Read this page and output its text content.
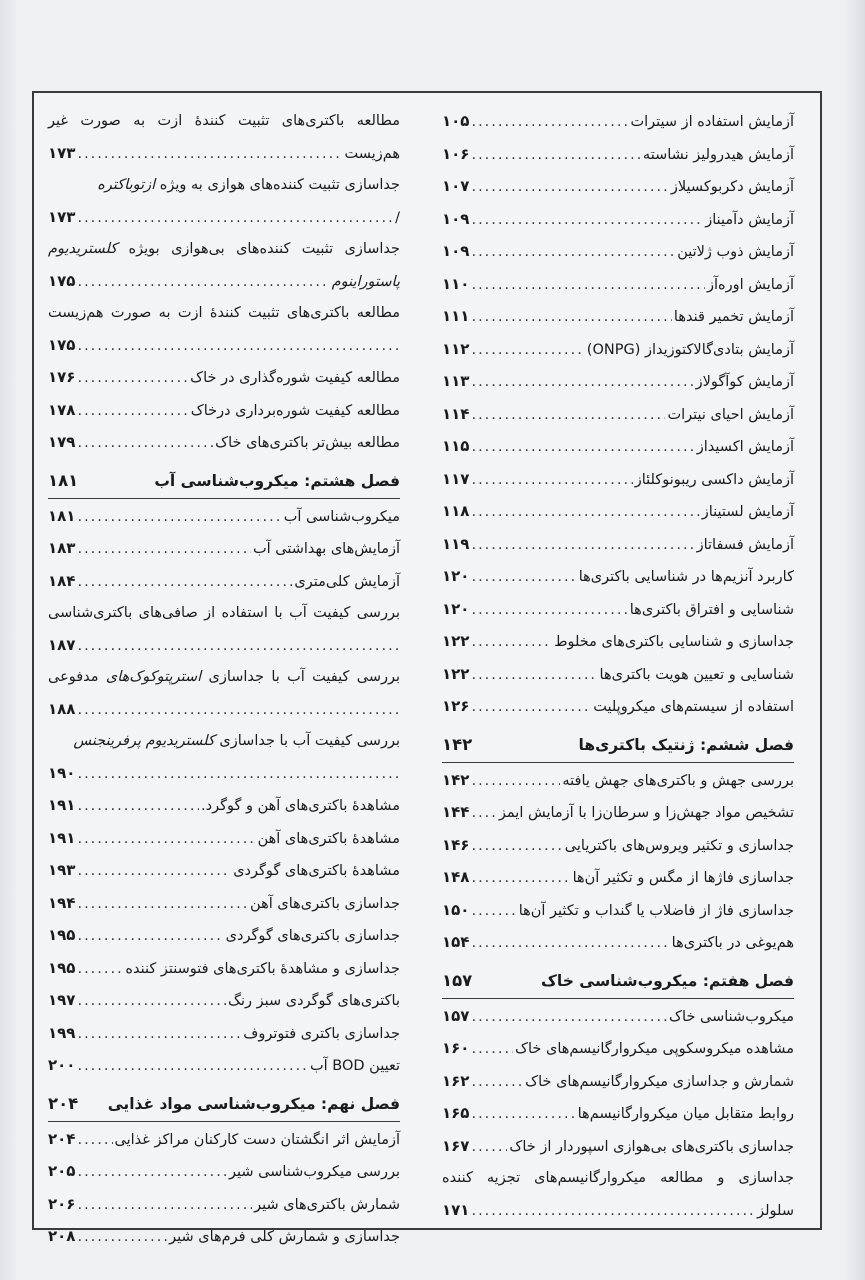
آزمایش استفاده از سیترات
.....
۱۰۵
آزمایش هیدرولیز نشاسته
.....
۱۰۶
آزمایش دکربوکسیلاز
.....
۱۰۷
آزمایش دآمیناز
.....
۱۰۹
آزمایش ذوب ژلاتین
.....
۱۰۹
آزمایش اوره‌آز
.....
۱۱۰
آزمایش تخمیر قندها
.....
۱۱۱
آزمایش بتادی‌گالاکتوزیداز (ONPG)
.....
۱۱۲
آزمایش کوآگولاز
.....
۱۱۳
آزمایش احیای نیترات
.....
۱۱۴
آزمایش اکسیداز
.....
۱۱۵
آزمایش داکسی ریبونوکلئاز
.....
۱۱۷
آزمایش لستیناز
.....
۱۱۸
آزمایش فسفاتاز
.....
۱۱۹
کاربرد آنزیم‌ها در شناسایی باکتری‌ها
.....
۱۲۰
شناسایی و افتراق باکتری‌ها
.....
۱۲۰
جداسازی و شناسایی باکتری‌های مخلوط
.....
۱۲۲
شناسایی و تعیین هویت باکتری‌ها
.....
۱۲۲
استفاده از سیستم‌های میکروپلیت
.....
۱۲۶
فصل ششم: ژنتیک باکتری‌ها
۱۴۲
بررسی جهش و باکتری‌های جهش یافته
.....
۱۴۲
تشخیص مواد جهش‌زا و سرطان‌زا با آزمایش ایمز
.....
۱۴۴
جداسازی و تکثیر ویروس‌های باکتریایی
.....
۱۴۶
جداسازی فاژها از مگس و تکثیر آن‌ها
.....
۱۴۸
جداسازی فاژ از فاضلاب یا گنداب و تکثیر آن‌ها
.....
۱۵۰
هم‌یوغی در باکتری‌ها
.....
۱۵۴
فصل هفتم: میکروب‌شناسی خاک
۱۵۷
میکروب‌شناسی خاک
.....
۱۵۷
مشاهده میکروسکوپی میکروارگانیسم‌های خاک
.....
۱۶۰
شمارش و جداسازی میکروارگانیسم‌های خاک
.....
۱۶۲
روابط متقابل میان میکروارگانیسم‌ها
.....
۱۶۵
جداسازی باکتری‌های بی‌هوازی اسپوردار از خاک
.....
۱۶۷
جداسازی و مطالعه میکروارگانیسم‌های تجزیه کننده
سلولز
.....
۱۷۱
مطالعه باکتری‌های تثبیت کنندهٔ ازت به صورت غیر
هم‌زیست
.....
۱۷۳
جداسازی تثبیت کننده‌های هوازی به ویژه ازتوباکتره
/
.....
۱۷۳
جداسازی تثبیت کننده‌های بی‌هوازی بویژه کلستریدیوم
پاستوراینوم
.....
۱۷۵
مطالعه باکتری‌های تثبیت کنندهٔ ازت به صورت هم‌زیست
.....
۱۷۵
مطالعه کیفیت شوره‌گذاری در خاک
.....
۱۷۶
مطالعه کیفیت شوره‌برداری درخاک
.....
۱۷۸
مطالعه بیش‌تر باکتری‌های خاک
.....
۱۷۹
فصل هشتم: میکروب‌شناسی آب
۱۸۱
میکروب‌شناسی آب
.....
۱۸۱
آزمایش‌های بهداشتی آب
.....
۱۸۳
آزمایش کلی‌متری
.....
۱۸۴
بررسی کیفیت آب با استفاده از صافی‌های باکتری‌شناسی
.....
۱۸۷
بررسی کیفیت آب با جداسازی استرپتوکوک‌های مدفوعی
.....
۱۸۸
بررسی کیفیت آب با جداسازی کلستریدیوم پرفرینجنس
.....
۱۹۰
مشاهدهٔ باکتری‌های آهن و گوگرد.
.....
۱۹۱
مشاهدهٔ باکتری‌های آهن
.....
۱۹۱
مشاهدهٔ باکتری‌های گوگردی
.....
۱۹۳
جداسازی باکتری‌های آهن
.....
۱۹۴
جداسازی باکتری‌های گوگردی
.....
۱۹۵
جداسازی و مشاهدهٔ باکتری‌های فتوسنتز کننده
.....
۱۹۵
باکتری‌های گوگردی سبز رنگ
.....
۱۹۷
جداسازی باکتری فتوتروف
.....
۱۹۹
تعیین BOD آب
.....
۲۰۰
فصل نهم: میکروب‌شناسی مواد غذایی
۲۰۴
آزمایش اثر انگشتان دست کارکنان مراکز غذایی
.....
۲۰۴
بررسی میکروب‌شناسی شیر
.....
۲۰۵
شمارش باکتری‌های شیر
.....
۲۰۶
جداسازی و شمارش کلی فرم‌های شیر
.....
۲۰۸
